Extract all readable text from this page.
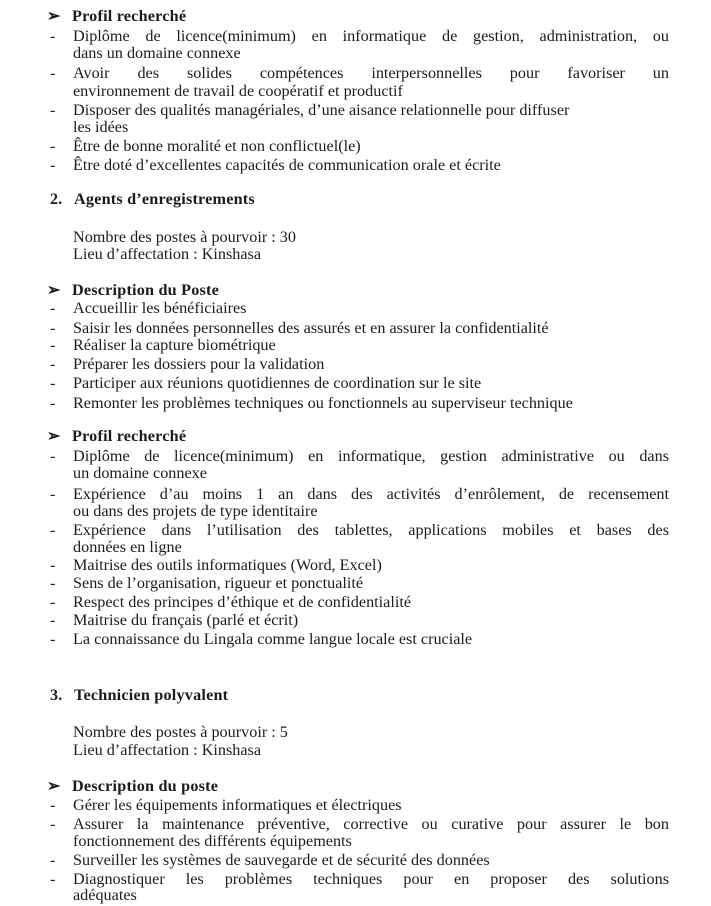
➢ Profil recherché
- Diplôme de licence(minimum) en informatique de gestion, administration, ou
dans un domaine connexe
- Avoir des solides compétences interpersonnelles pour favoriser un
environnement de travail de coopératif et productif
- Disposer des qualités managériales, d’une aisance relationnelle pour diffuser
les idées
- Être de bonne moralité et non conflictuel(le)
- Être doté d’excellentes capacités de communication orale et écrite
2. Agents d’enregistrements
Nombre des postes à pourvoir : 30
Lieu d’affectation : Kinshasa
➢ Description du Poste
- Accueillir les bénéficiaires
- Saisir les données personnelles des assurés et en assurer la confidentialité
- Réaliser la capture biométrique
- Préparer les dossiers pour la validation
- Participer aux réunions quotidiennes de coordination sur le site
- Remonter les problèmes techniques ou fonctionnels au superviseur technique
➢ Profil recherché
- Diplôme de licence(minimum) en informatique, gestion administrative ou dans
un domaine connexe
- Expérience d’au moins 1 an dans des activités d’enrôlement, de recensement
ou dans des projets de type identitaire
- Expérience dans l’utilisation des tablettes, applications mobiles et bases des
données en ligne
- Maitrise des outils informatiques (Word, Excel)
- Sens de l’organisation, rigueur et ponctualité
- Respect des principes d’éthique et de confidentialité
- Maitrise du français (parlé et écrit)
- La connaissance du Lingala comme langue locale est cruciale
3. Technicien polyvalent
Nombre des postes à pourvoir : 5
Lieu d’affectation : Kinshasa
➢ Description du poste
- Gérer les équipements informatiques et électriques
- Assurer la maintenance préventive, corrective ou curative pour assurer le bon
fonctionnement des différents équipements
- Surveiller les systèmes de sauvegarde et de sécurité des données
- Diagnostiquer les problèmes techniques pour en proposer des solutions
adéquates
